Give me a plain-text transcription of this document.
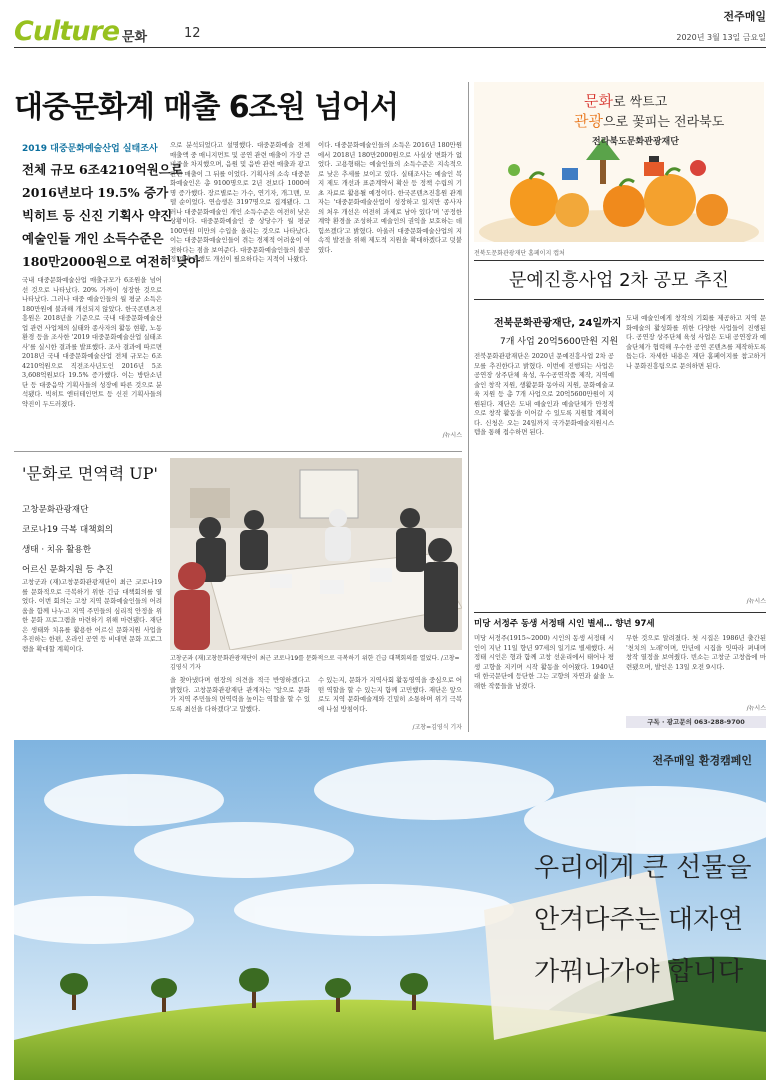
Culture 문화	12
전주매일
2020년 3월 13일 금요일
대중문화계 매출 6조원 넘어서
2019 대중문화예술산업 실태조사
전체 규모 6조4210억원으로
2016년보다 19.5% 증가
빅히트 등 신진 기획사 약진
예술인들 개인 소득수준은
180만2000원으로 여전히 낮아
국내 대중문화예술산업 매출규모가 6조원을 넘어선 것으로 나타났다. 20% 가까이 성장한 것으로 나타났다. 그러나 대중 예술인들의 월 평균 소득은 180만원에 불과해 개선되지 않았다. 한국콘텐츠진흥원은 2018년을 기준으로 국내 대중문화예술산업 관련 사업체의 실태와 종사자의 활동 현황, 노동 환경 등을 조사한 '2019 대중문화예술산업 실태조사'를 실시한 결과를 발표했다. 조사 결과에 따르면 2018년 국내 대중문화예술산업 전체 규모는 6조4210억원으로 직전조사년도인 2016년 5조3,608억원보다 19.5% 증가했다. 이는 방탄소년단 등 대중음악 기획사들의 성장에 따른 것으로 분석됐다. 빅히트 엔터테인먼트 등 신진 기획사들의 약진이 두드러졌다.
으로 분석되었다고 설명했다. 대중문화예술 전체 매출액 중 매니지먼트 및 공연 관련 매출이 가장 큰 비중을 차지했으며, 음원 및 음반 관련 매출과 광고 관련 매출이 그 뒤를 이었다. 기획사의 소속 대중문화예술인은 총 9100명으로 2년 전보다 1000여 명 증가했다. 장르별로는 가수, 연기자, 개그맨, 모델 순이었다. 연습생은 3197명으로 집계됐다. 그러나 대중문화예술인 개인 소득수준은 여전히 낮은 상황이다. 대중문화예술인 중 상당수가 월 평균 100만원 미만의 수입을 올리는 것으로 나타났다. 이는 대중문화예술인들이 겪는 경제적 어려움이 여전하다는 점을 보여준다. 대중문화예술인들의 불공정 계약 관행도 개선이 필요하다는 지적이 나왔다.
이다. 대중문화예술인들의 소득은 2016년 180만원에서 2018년 180만2000원으로 사실상 변화가 없었다. 고용형태는 예술인들의 소득수준은 지속적으로 낮은 추세를 보이고 있다. 실태조사는 예술인 복지 제도 개선과 표준계약서 확산 등 정책 수립의 기초 자료로 활용될 예정이다. 한국콘텐츠진흥원 관계자는 '대중문화예술산업이 성장하고 있지만 종사자의 처우 개선은 여전히 과제로 남아 있다'며 '공정한 계약 환경을 조성하고 예술인의 권익을 보호하는 데 힘쓰겠다'고 밝혔다. 아울러 대중문화예술산업의 지속적 발전을 위해 제도적 지원을 확대하겠다고 덧붙였다.
/뉴시스
문화로 싹트고
관광으로 꽃피는 전라북도
전라북도문화관광재단
전북도문화관광재단 홈페이지 캡처
문예진흥사업 2차 공모 추진
전북문화관광재단, 24일까지
7개 사업 20억5600만원 지원
전북문화관광재단은 2020년 문예진흥사업 2차 공모를 추진한다고 밝혔다. 이번에 진행되는 사업은 공연장 상주단체 육성, 우수공연작품 제작, 지역예술인 창작 지원, 생활문화 동아리 지원, 문화예술교육 지원 등 총 7개 사업으로 20억5600만원이 지원된다. 재단은 도내 예술인과 예술단체가 안정적으로 창작 활동을 이어갈 수 있도록 지원할 계획이다. 신청은 오는 24일까지 국가문화예술지원시스템을 통해 접수하면 된다.
도내 예술인에게 창작의 기회를 제공하고 지역 문화예술의 활성화를 위한 다양한 사업들이 진행된다. 공연장 상주단체 육성 사업은 도내 공연장과 예술단체가 협력해 우수한 공연 콘텐츠를 제작하도록 돕는다. 자세한 내용은 재단 홈페이지를 참고하거나 문화진흥팀으로 문의하면 된다.
/뉴시스
'문화로 면역력 UP'
고창문화관광재단
코로나19 극복 대책회의
생태 · 치유 활용한
어르신 문화지원 등 추진
고창군과 (재)고창문화관광재단이 최근 코로나19를 문화적으로 극복하기 위한 긴급 대책회의를 열었다. 이번 회의는 고창 지역 문화예술인들의 어려움을 함께 나누고 지역 주민들의 심리적 안정을 위한 문화 프로그램을 마련하기 위해 마련됐다. 재단은 생태와 치유를 활용한 어르신 문화지원 사업을 추진하는 한편, 온라인 공연 등 비대면 문화 프로그램을 확대할 계획이다.
고창군과 (재)고창문화관광재단이 최근 코로나19를 문화적으로 극복하기 위한 긴급 대책회의를 열었다. /고창=김영식 기자
을 찾아냈다며 현장의 의견을 적극 반영하겠다고 밝혔다. 고창문화관광재단 관계자는 '앞으로 문화가 지역 주민들의 면역력을 높이는 역할을 할 수 있도록 최선을 다하겠다'고 말했다.
수 있는지, 문화가 지역사회 활동영역을 중심으로 어떤 역할을 할 수 있는지 함께 고민했다. 재단은 앞으로도 지역 문화예술계와 긴밀히 소통하며 위기 극복에 나설 방침이다.
/고창=김영식 기자
미당 서정주 동생 서정태 시인 별세… 향년 97세
미당 서정주(1915~2000) 시인의 동생 서정태 시인이 지난 11일 향년 97세의 일기로 별세했다. 서정태 시인은 형과 함께 고창 선운리에서 태어나 평생 고향을 지키며 시작 활동을 이어왔다. 1940년대 한국문단에 등단한 그는 고향의 자연과 삶을 노래한 작품들을 남겼다.
무한 것으로 알려졌다. 첫 시집은 1986년 출간된 '천치의 노래'이며, 만년에 시집을 잇따라 펴내며 창작 열정을 보여줬다. 빈소는 고창군 고창읍에 마련됐으며, 발인은 13일 오전 9시다.
/뉴시스
구독 · 광고문의 063-288-9700
전주매일 환경캠페인
우리에게 큰 선물을
안겨다주는 대자연
가꿔나가야 합니다
